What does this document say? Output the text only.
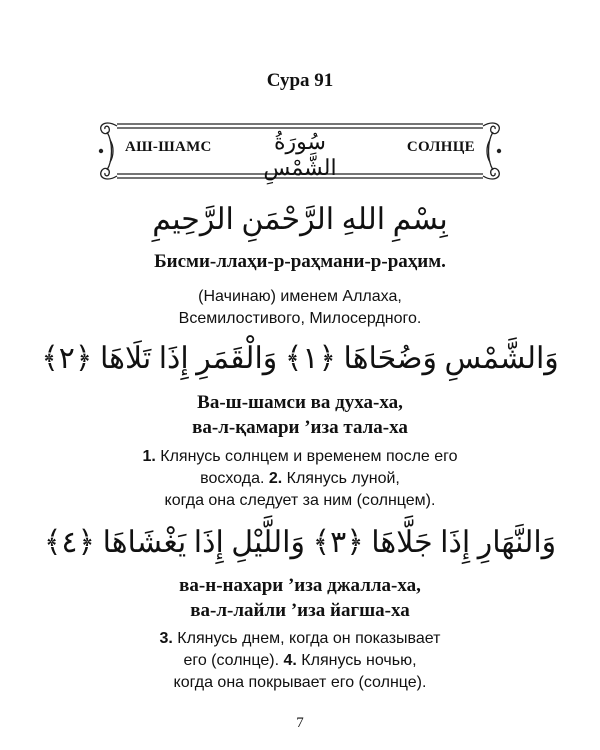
Сура 91
АШ-ШАМС	سُورَةُ الشَّمْسِ
СОЛНЦЕ
بِسْمِ اللهِ الرَّحْمَنِ الرَّحِيمِ
Бисми-ллаҳи-р-раҳмани-р-раҳим.
(Начинаю) именем Аллаха,
Всемилостивого, Милосердного.
وَالشَّمْسِ وَضُحَاهَا ﴿١﴾ وَالْقَمَرِ إِذَا تَلَاهَا ﴿٢﴾
Ва-ш-шамси ва духа-ха,
ва-л-қамари ʼиза тала-ха
1. Клянусь солнцем и временем после его
восхода. 2. Клянусь луной,
когда она следует за ним (солнцем).
وَالنَّهَارِ إِذَا جَلَّاهَا ﴿٣﴾ وَاللَّيْلِ إِذَا يَغْشَاهَا ﴿٤﴾
ва-н-нахари ʼиза джалла-ха,
ва-л-лайли ʼиза йагша-ха
3. Клянусь днем, когда он показывает
его (солнце). 4. Клянусь ночью,
когда она покрывает его (солнце).
7
